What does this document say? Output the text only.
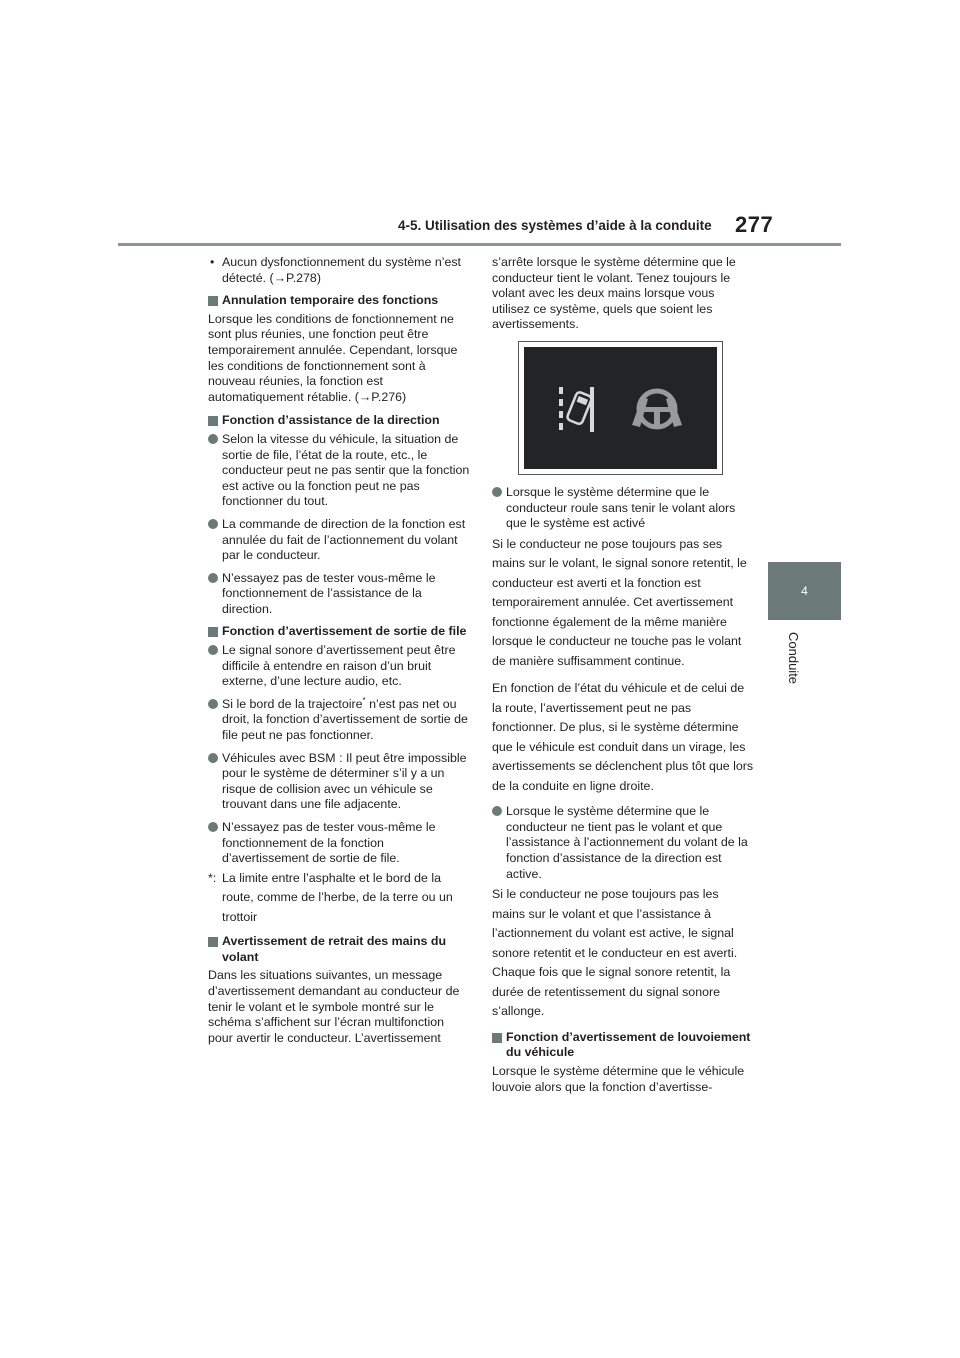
4-5. Utilisation des systèmes d’aide à la conduite 277
4
Conduite

• Aucun dysfonctionnement du système n’est détecté. (→P.278)

Annulation temporaire des fonctions

Lorsque les conditions de fonctionnement ne sont plus réunies, une fonction peut être temporairement annulée. Cependant, lorsque les conditions de fonctionnement sont à nouveau réunies, la fonction est automatiquement rétablie. (→P.276)

Fonction d’assistance de la direction

Selon la vitesse du véhicule, la situation de sortie de file, l’état de la route, etc., le conducteur peut ne pas sentir que la fonction est active ou la fonction peut ne pas fonctionner du tout.

La commande de direction de la fonction est annulée du fait de l’actionnement du volant par le conducteur.

N’essayez pas de tester vous-même le fonctionnement de l’assistance de la direction.

Fonction d’avertissement de sortie de file

Le signal sonore d’avertissement peut être difficile à entendre en raison d’un bruit externe, d’une lecture audio, etc.

Si le bord de la trajectoire* n’est pas net ou droit, la fonction d’avertissement de sortie de file peut ne pas fonctionner.

Véhicules avec BSM : Il peut être impossible pour le système de déterminer s’il y a un risque de collision avec un véhicule se trouvant dans une file adjacente.

N’essayez pas de tester vous-même le fonctionnement de la fonction d’avertissement de sortie de file.

*: La limite entre l’asphalte et le bord de la route, comme de l’herbe, de la terre ou un trottoir

Avertissement de retrait des mains du volant

Dans les situations suivantes, un message d’avertissement demandant au conducteur de tenir le volant et le symbole montré sur le schéma s’affichent sur l’écran multifonction pour avertir le conducteur. L’avertissement

s’arrête lorsque le système détermine que le conducteur tient le volant. Tenez toujours le volant avec les deux mains lorsque vous utilisez ce système, quels que soient les avertissements.

Lorsque le système détermine que le conducteur roule sans tenir le volant alors que le système est activé

Si le conducteur ne pose toujours pas ses mains sur le volant, le signal sonore retentit, le conducteur est averti et la fonction est temporairement annulée. Cet avertissement fonctionne également de la même manière lorsque le conducteur ne touche pas le volant de manière suffisamment continue.

En fonction de l’état du véhicule et de celui de la route, l’avertissement peut ne pas fonctionner. De plus, si le système détermine que le véhicule est conduit dans un virage, les avertissements se déclenchent plus tôt que lors de la conduite en ligne droite.

Lorsque le système détermine que le conducteur ne tient pas le volant et que l’assistance à l’actionnement du volant de la fonction d’assistance de la direction est active.

Si le conducteur ne pose toujours pas les mains sur le volant et que l’assistance à l’actionnement du volant est active, le signal sonore retentit et le conducteur en est averti. Chaque fois que le signal sonore retentit, la durée de retentissement du signal sonore s’allonge.

Fonction d’avertissement de louvoiement du véhicule

Lorsque le système détermine que le véhicule louvoie alors que la fonction d’avertisse-
